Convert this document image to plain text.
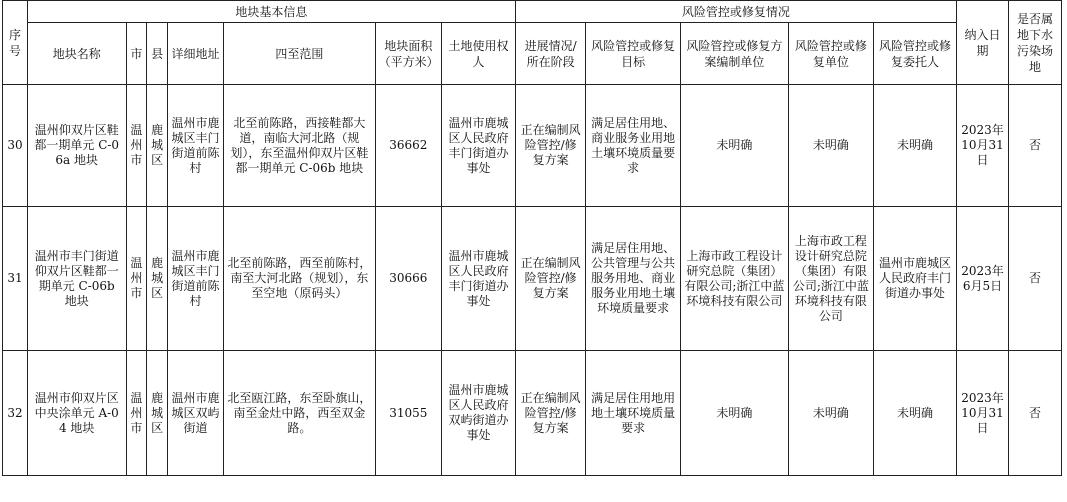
序号	地块基本信息							风险管控或修复情况					纳入日期	是否属地下水污染场地
	地块名称	市	县	详细地址	四至范围	地块面积（平方米）	土地使用权人	进展情况/所在阶段	风险管控或修复目标	风险管控或修复方案编制单位	风险管控或修复单位	风险管控或修复委托人		
30	温州仰双片区鞋都一期单元 C-06a 地块	温州市	鹿城区	温州市鹿城区丰门街道前陈村	北至前陈路，西接鞋都大道，南临大河北路（规划），东至温州仰双片区鞋都一期单元 C-06b 地块	36662	温州市鹿城区人民政府丰门街道办事处	正在编制风险管控/修复方案	满足居住用地、商业服务业用地土壤环境质量要求	未明确	未明确	未明确	2023年10月31日	否
31	温州市丰门街道仰双片区鞋都一期单元 C-06b 地块	温州市	鹿城区	温州市鹿城区丰门街道前陈村	北至前陈路，西至前陈村，南至大河北路（规划），东至空地（原码头）	30666	温州市鹿城区人民政府丰门街道办事处	正在编制风险管控/修复方案	满足居住用地、公共管理与公共服务用地、商业服务业用地土壤环境质量要求	上海市政工程设计研究总院（集团）有限公司;浙江中蓝环境科技有限公司	上海市政工程设计研究总院（集团）有限公司;浙江中蓝环境科技有限公司	温州市鹿城区人民政府丰门街道办事处	2023年6月5日	否
32	温州市仰双片区中央涂单元 A-04 地块	温州市	鹿城区	温州市鹿城区双屿街道	北至瓯江路，东至卧旗山，南至金灶中路，西至双金路。	31055	温州市鹿城区人民政府双屿街道办事处	正在编制风险管控/修复方案	满足居住用地用地土壤环境质量要求	未明确	未明确	未明确	2023年10月31日	否
